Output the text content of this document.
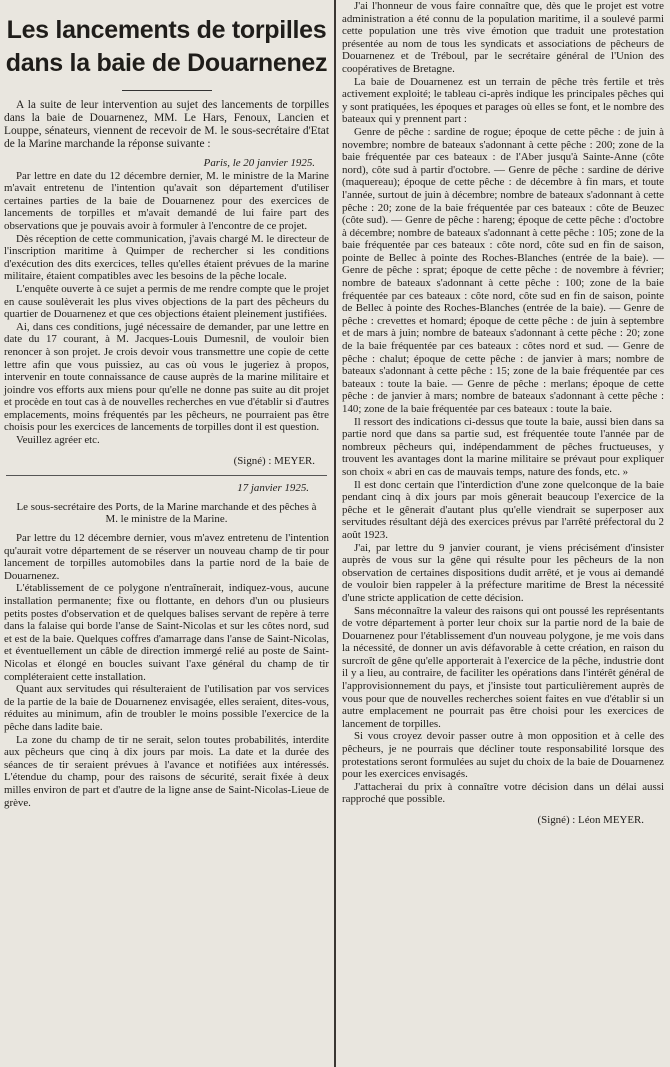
Les lancements de torpilles dans la baie de Douarnenez

A la suite de leur intervention au sujet des lancements de torpilles dans la baie de Douarnenez, MM. Le Hars, Fenoux, Lancien et Louppe, sénateurs, viennent de recevoir de M. le sous-secrétaire d'Etat de la Marine marchande la réponse suivante :

Paris, le 20 janvier 1925.

Par lettre en date du 12 décembre dernier, M. le ministre de la Marine m'avait entretenu de l'intention qu'avait son département d'utiliser certaines parties de la baie de Douarnenez pour des exercices de lancements de torpilles et m'avait demandé de lui faire part des observations que je pouvais avoir à formuler à l'encontre de ce projet.

Dès réception de cette communication, j'avais chargé M. le directeur de l'inscription maritime à Quimper de rechercher si les conditions d'exécution des dits exercices, telles qu'elles étaient prévues de la marine militaire, étaient compatibles avec les besoins de la pêche locale.

L'enquête ouverte à ce sujet a permis de me rendre compte que le projet en cause soulèverait les plus vives objections de la part des pêcheurs du quartier de Douarnenez et que ces objections étaient pleinement justifiées.

Ai, dans ces conditions, jugé nécessaire de demander, par une lettre en date du 17 courant, à M. Jacques-Louis Dumesnil, de vouloir bien renoncer à son projet. Je crois devoir vous transmettre une copie de cette lettre afin que vous puissiez, au cas où vous le jugeriez à propos, intervenir en toute connaissance de cause auprès de la marine militaire et joindre vos efforts aux miens pour qu'elle ne donne pas suite au dit projet et procède en tout cas à de nouvelles recherches en vue d'établir si d'autres emplacements, moins fréquentés par les pêcheurs, ne pourraient pas être choisis pour les exercices de lancements de torpilles dont il est question.

Veuillez agréer etc.

(Signé) : MEYER.

17 janvier 1925.

Le sous-secrétaire des Ports, de la Marine marchande et des pêches à M. le ministre de la Marine.

Par lettre du 12 décembre dernier, vous m'avez entretenu de l'intention qu'aurait votre département de se réserver un nouveau champ de tir pour lancement de torpilles automobiles dans la partie nord de la baie de Douarnenez.

L'établissement de ce polygone n'entraînerait, indiquez-vous, aucune installation permanente; fixe ou flottante, en dehors d'un ou plusieurs petits postes d'observation et de quelques balises servant de repère à terre dans la falaise qui borde l'anse de Saint-Nicolas et sur les côtes nord, sud et est de la baie. Quelques coffres d'amarrage dans l'anse de Saint-Nicolas, et éventuellement un câble de direction immergé relié au poste de Saint-Nicolas et élongé en boucles suivant l'axe général du champ de tir compléteraient cette installation.

Quant aux servitudes qui résulteraient de l'utilisation par vos services de la partie de la baie de Douarnenez envisagée, elles seraient, dites-vous, réduites au minimum, afin de troubler le moins possible l'exercice de la pêche dans ladite baie.

La zone du champ de tir ne serait, selon toutes probabilités, interdite aux pêcheurs que cinq à dix jours par mois. La date et la durée des séances de tir seraient prévues à l'avance et notifiées aux intéressés. L'étendue du champ, pour des raisons de sécurité, serait fixée à deux milles environ de part et d'autre de la ligne anse de Saint-Nicolas-Lieue de grève.

J'ai l'honneur de vous faire connaître que, dès que le projet est votre administration a été connu de la population maritime, il a soulevé parmi cette population une très vive émotion que traduit une protestation présentée au nom de tous les syndicats et associations de pêcheurs de Douarnenez et de Tréboul, par le secrétaire général de l'Union des coopératives de Bretagne.

La baie de Douarnenez est un terrain de pêche très fertile et très activement exploité; le tableau ci-après indique les principales pêches qui y sont pratiquées, les époques et parages où elles se font, et le nombre des bateaux qui y prennent part :

Genre de pêche : sardine de rogue; époque de cette pêche : de juin à novembre; nombre de bateaux s'adonnant à cette pêche : 200; zone de la baie fréquentée par ces bateaux : de l'Aber jusqu'à Sainte-Anne (côte nord), côte sud à partir d'octobre. — Genre de pêche : sardine de dérive (maquereau); époque de cette pêche : de décembre à fin mars, et toute l'année, surtout de juin à décembre; nombre de bateaux s'adonnant à cette pêche : 20; zone de la baie fréquentée par ces bateaux : côte de Beuzec (côte sud). — Genre de pêche : hareng; époque de cette pêche : d'octobre à décembre; nombre de bateaux s'adonnant à cette pêche : 105; zone de la baie fréquentée par ces bateaux : côte nord, côte sud en fin de saison, pointe de Bellec à pointe des Roches-Blanches (entrée de la baie). — Genre de pêche : sprat; époque de cette pêche : de novembre à février; nombre de bateaux s'adonnant à cette pêche : 100; zone de la baie fréquentée par ces bateaux : côte nord, côte sud en fin de saison, pointe de Bellec à pointe des Roches-Blanches (entrée de la baie). — Genre de pêche : crevettes et homard; époque de cette pêche : de juin à septembre et de mars à juin; nombre de bateaux s'adonnant à cette pêche : 20; zone de la baie fréquentée par ces bateaux : côtes nord et sud. — Genre de pêche : chalut; époque de cette pêche : de janvier à mars; nombre de bateaux s'adonnant à cette pêche : 15; zone de la baie fréquentée par ces bateaux : toute la baie. — Genre de pêche : merlans; époque de cette pêche : de janvier à mars; nombre de bateaux s'adonnant à cette pêche : 140; zone de la baie fréquentée par ces bateaux : toute la baie.

Il ressort des indications ci-dessus que toute la baie, aussi bien dans sa partie nord que dans sa partie sud, est fréquentée toute l'année par de nombreux pêcheurs qui, indépendamment de pêches fructueuses, y trouvent les avantages dont la marine militaire se prévaut pour expliquer son choix « abri en cas de mauvais temps, nature des fonds, etc. »

Il est donc certain que l'interdiction d'une zone quelconque de la baie pendant cinq à dix jours par mois gênerait beaucoup l'exercice de la pêche et le gênerait d'autant plus qu'elle viendrait se superposer aux servitudes résultant déjà des exercices prévus par l'arrêté préfectoral du 2 août 1923.

J'ai, par lettre du 9 janvier courant, je viens précisément d'insister auprès de vous sur la gêne qui résulte pour les pêcheurs de la non observation de certaines dispositions dudit arrêté, et je vous ai demandé de vouloir bien rappeler à la préfecture maritime de Brest la nécessité d'une stricte application de cette décision.

Sans méconnaître la valeur des raisons qui ont poussé les représentants de votre département à porter leur choix sur la partie nord de la baie de Douarnenez pour l'établissement d'un nouveau polygone, je me vois dans la nécessité, de donner un avis défavorable à cette création, en raison du surcroît de gêne qu'elle apporterait à l'exercice de la pêche, industrie dont il y a lieu, au contraire, de faciliter les opérations dans l'intérêt général de l'approvisionnement du pays, et j'insiste tout particulièrement auprès de vous pour que de nouvelles recherches soient faites en vue d'établir si un autre emplacement ne pourrait pas être choisi pour les exercices de lancement de torpilles.

Si vous croyez devoir passer outre à mon opposition et à celle des pêcheurs, je ne pourrais que décliner toute responsabilité lorsque des protestations seront formulées au sujet du choix de la baie de Douarnenez pour les exercices envisagés.

J'attacherai du prix à connaître votre décision dans un délai aussi rapproché que possible.

(Signé) : Léon MEYER.
